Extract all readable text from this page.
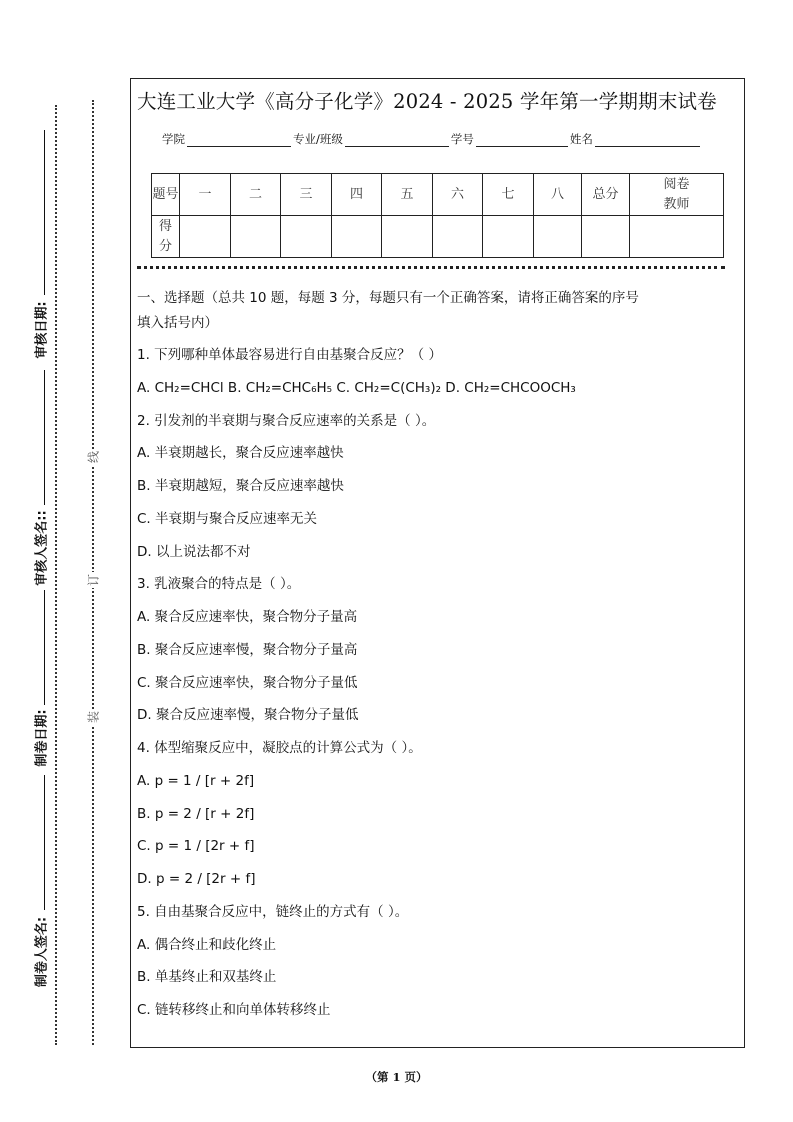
审核日期:
审核人签名::
制卷日期:
制卷人签名:
线
订
装
大连工业大学《高分子化学》2024 - 2025 学年第一学期期末试卷
学院	专业/班级	学号	姓名
题号	一	二	三	四	五	六	七	八	总分	阅卷教师
得分										
一、选择题（总共 10 题，每题 3 分，每题只有一个正确答案，请将正确答案的序号
填入括号内）
1. 下列哪种单体最容易进行自由基聚合反应？（ ）
A. CH₂=CHCl B. CH₂=CHC₆H₅ C. CH₂=C(CH₃)₂ D. CH₂=CHCOOCH₃
2. 引发剂的半衰期与聚合反应速率的关系是（ ）。
A. 半衰期越长，聚合反应速率越快
B. 半衰期越短，聚合反应速率越快
C. 半衰期与聚合反应速率无关
D. 以上说法都不对
3. 乳液聚合的特点是（ ）。
A. 聚合反应速率快，聚合物分子量高
B. 聚合反应速率慢，聚合物分子量高
C. 聚合反应速率快，聚合物分子量低
D. 聚合反应速率慢，聚合物分子量低
4. 体型缩聚反应中，凝胶点的计算公式为（ ）。
A. p = 1 / [r + 2f]
B. p = 2 / [r + 2f]
C. p = 1 / [2r + f]
D. p = 2 / [2r + f]
5. 自由基聚合反应中，链终止的方式有（ ）。
A. 偶合终止和歧化终止
B. 单基终止和双基终止
C. 链转移终止和向单体转移终止
（第 1 页）
